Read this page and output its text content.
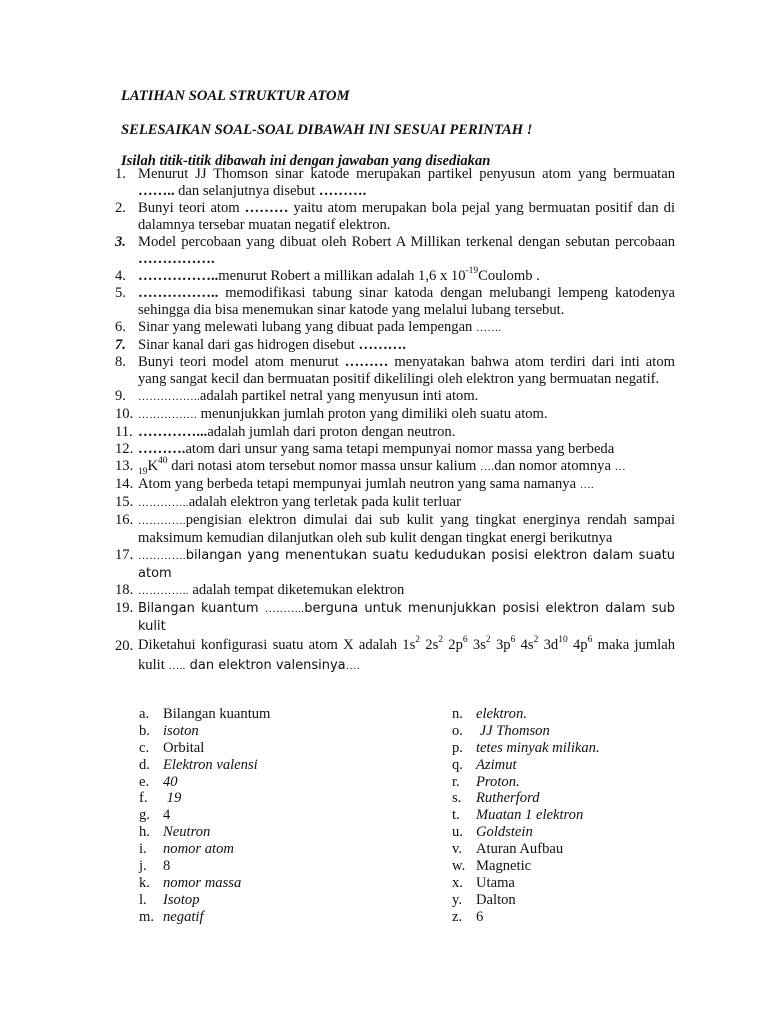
LATIHAN SOAL STRUKTUR ATOM
SELESAIKAN SOAL-SOAL DIBAWAH INI SESUAI PERINTAH !
Isilah titik-titik dibawah ini dengan jawaban yang disediakan
1. Menurut JJ Thomson sinar katode merupakan partikel penyusun atom yang bermuatan …….. dan selanjutnya disebut ……….
2. Bunyi teori atom ……… yaitu atom merupakan bola pejal yang bermuatan positif dan di dalamnya tersebar muatan negatif elektron.
3. Model percobaan yang dibuat oleh Robert A Millikan terkenal dengan sebutan percobaan …………….
4. ……………..menurut Robert a millikan adalah 1,6 x $10^{-19}Coulomb$ .
5. …………….. memodifikasi tabung sinar katoda dengan melubangi lempeng katodenya sehingga dia bisa menemukan sinar katode yang melalui lubang tersebut.
6. Sinar yang melewati lubang yang dibuat pada lempengan …….
7. Sinar kanal dari gas hidrogen disebut ……….
8. Bunyi teori model atom menurut ……… menyatakan bahwa atom terdiri dari inti atom yang sangat kecil dan bermuatan positif dikelilingi oleh elektron yang bermuatan negatif.
9. ……………..adalah partikel netral yang menyusun inti atom.
10. ……………. menunjukkan jumlah proton yang dimiliki oleh suatu atom.
11. …………...adalah jumlah dari proton dengan neutron.
12. ……….atom dari unsur yang sama tetapi mempunyai nomor massa yang berbeda
13. $_{19}K^{40}$ dari notasi atom tersebut nomor massa unsur kalium ….dan nomor atomnya …
14. Atom yang berbeda tetapi mempunyai jumlah neutron yang sama namanya ….
15. …………..adalah elektron yang terletak pada kulit terluar
16. ………….pengisian elektron dimulai dai sub kulit yang tingkat energinya rendah sampai maksimum kemudian dilanjutkan oleh sub kulit dengan tingkat energi berikutnya
17. ………….bilangan yang menentukan suatu kedudukan posisi elektron dalam suatu atom
18. ………….. adalah tempat diketemukan elektron
19. Bilangan kuantum ………..berguna untuk menunjukkan posisi elektron dalam sub kulit
20. Diketahui konfigurasi suatu atom X adalah $1s^2$ $2s^2$ $2p^6$ $3s^2$ $3p^6$ $4s^2$ $3d^{10}$ $4p^6$ maka jumlah kulit ….. dan elektron valensinya….
a. Bilangan kuantum
b. isoton
c. Orbital
d. Elektron valensi
e. 40
f. 19
g. 4
h. Neutron
i. nomor atom
j. 8
k. nomor massa
l. Isotop
m. negatif
n. elektron.
o. JJ Thomson
p. tetes minyak milikan.
q. Azimut
r. Proton.
s. Rutherford
t. Muatan 1 elektron
u. Goldstein
v. Aturan Aufbau
w. Magnetic
x. Utama
y. Dalton
z. 6
